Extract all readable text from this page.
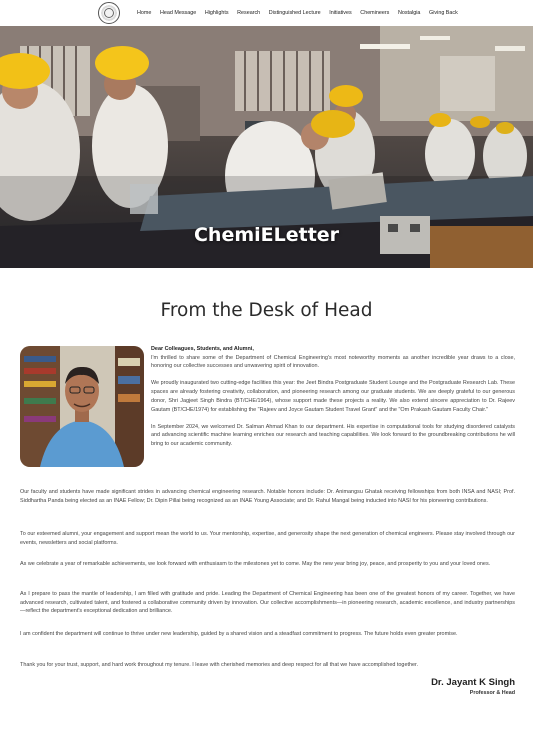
Home Head Message Highlights Research Distinguished Lecture Initiatives Chemineers Nostalgia Giving Back
ChemiELetter
From the Desk of Head

Dear Colleagues, Students, and Alumni,

I'm thrilled to share some of the Department of Chemical Engineering's most noteworthy moments as another incredible year draws to a close, honoring our collective successes and unwavering spirit of innovation.

We proudly inaugurated two cutting-edge facilities this year: the Jeet Bindra Postgraduate Student Lounge and the Postgraduate Research Lab. These spaces are already fostering creativity, collaboration, and pioneering research among our graduate students. We are deeply grateful to our generous donor, Shri Jagjeet Singh Bindra (BT/CHE/1964), whose support made these projects a reality. We also extend sincere appreciation to Dr. Rajeev Gautam (BT/CHE/1974) for establishing the "Rajeev and Joyce Gautam Student Travel Grant" and the "Om Prakash Gautam Faculty Chair."

In September 2024, we welcomed Dr. Salman Ahmad Khan to our department. His expertise in computational tools for studying disordered catalysts and advancing scientific machine learning enriches our research and teaching capabilities. We look forward to the groundbreaking contributions he will bring to our academic community.

Our faculty and students have made significant strides in advancing chemical engineering research. Notable honors include: Dr. Animangsu Ghatak receiving fellowships from both INSA and NASI; Prof. Siddhartha Panda being elected as an INAE Fellow; Dr. Dipin Pillai being recognized as an INAE Young Associate; and Dr. Rahul Mangal being inducted into NASI for his pioneering contributions.

To our esteemed alumni, your engagement and support mean the world to us. Your mentorship, expertise, and generosity shape the next generation of chemical engineers. Please stay involved through our events, newsletters and social platforms.

As we celebrate a year of remarkable achievements, we look forward with enthusiasm to the milestones yet to come. May the new year bring joy, peace, and prosperity to you and your loved ones.

As I prepare to pass the mantle of leadership, I am filled with gratitude and pride. Leading the Department of Chemical Engineering has been one of the greatest honors of my career. Together, we have advanced research, cultivated talent, and fostered a collaborative community driven by innovation. Our collective accomplishments—in pioneering research, academic excellence, and industry partnerships—reflect the department's exceptional dedication and brilliance.

I am confident the department will continue to thrive under new leadership, guided by a shared vision and a steadfast commitment to progress. The future holds even greater promise.

Thank you for your trust, support, and hard work throughout my tenure. I leave with cherished memories and deep respect for all that we have accomplished together.

Dr. Jayant K Singh
Professor & Head
